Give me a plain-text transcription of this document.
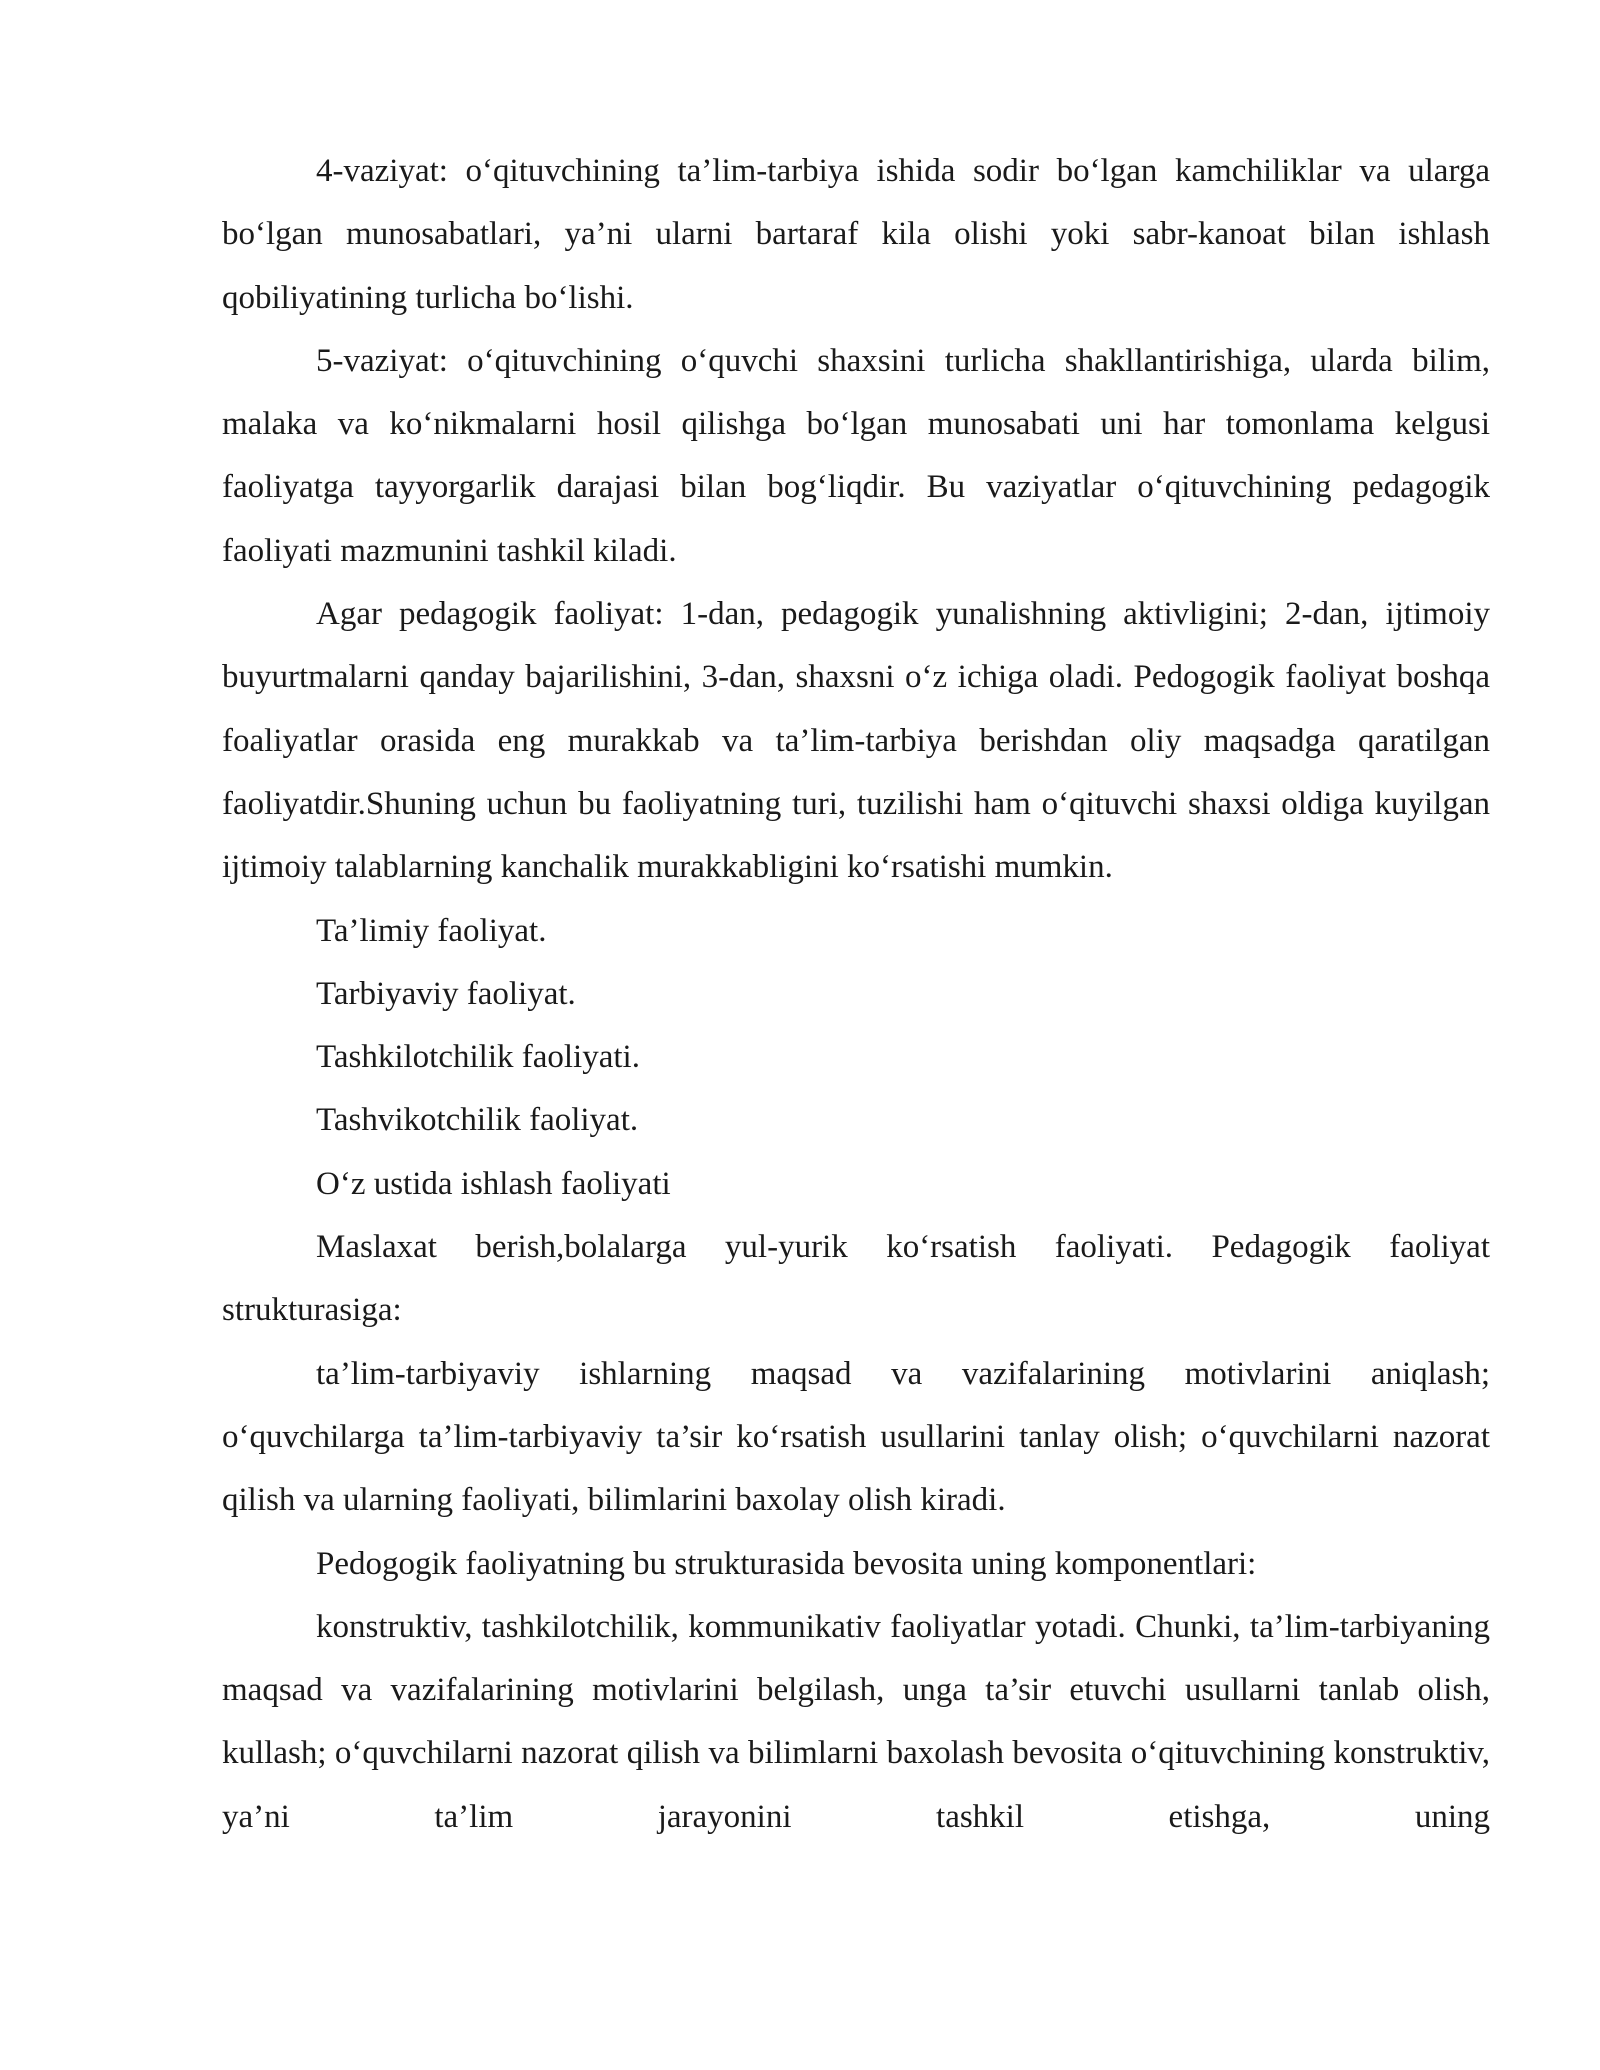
4-vaziyat: o‘qituvchining ta’lim-tarbiya ishida sodir bo‘lgan kamchiliklar va ularga bo‘lgan munosabatlari, ya’ni ularni bartaraf kila olishi yoki sabr-kanoat bilan ishlash qobiliyatining turlicha bo‘lishi.

5-vaziyat: o‘qituvchining o‘quvchi shaxsini turlicha shakllantirishiga, ularda bilim, malaka va ko‘nikmalarni hosil qilishga bo‘lgan munosabati uni har tomonlama kelgusi faoliyatga tayyorgarlik darajasi bilan bog‘liqdir. Bu vaziyatlar o‘qituvchining pedagogik faoliyati mazmunini tashkil kiladi.

Agar pedagogik faoliyat: 1-dan, pedagogik yunalishning aktivligini; 2-dan, ijtimoiy buyurtmalarni qanday bajarilishini, 3-dan, shaxsni o‘z ichiga oladi. Pedogogik faoliyat boshqa foaliyatlar orasida eng murakkab va ta’lim-tarbiya berishdan oliy maqsadga qaratilgan faoliyatdir.Shuning uchun bu faoliyatning turi, tuzilishi ham o‘qituvchi shaxsi oldiga kuyilgan ijtimoiy talablarning kanchalik murakkabligini ko‘rsatishi mumkin.

Ta’limiy faoliyat.

Tarbiyaviy faoliyat.

Tashkilotchilik faoliyati.

Tashvikotchilik faoliyat.

O‘z ustida ishlash faoliyati

Maslaxat berish,bolalarga yul-yurik ko‘rsatish faoliyati. Pedagogik faoliyat strukturasiga:

ta’lim-tarbiyaviy ishlarning maqsad va vazifalarining motivlarini aniqlash; o‘quvchilarga ta’lim-tarbiyaviy ta’sir ko‘rsatish usullarini tanlay olish; o‘quvchilarni nazorat qilish va ularning faoliyati, bilimlarini baxolay olish kiradi.

Pedogogik faoliyatning bu strukturasida bevosita uning komponentlari:

konstruktiv, tashkilotchilik, kommunikativ faoliyatlar yotadi. Chunki, ta’lim-tarbiyaning maqsad va vazifalarining motivlarini belgilash, unga ta’sir etuvchi usullarni tanlab olish, kullash; o‘quvchilarni nazorat qilish va bilimlarni baxolash bevosita o‘qituvchining konstruktiv, ya’ni ta’lim jarayonini tashkil etishga, uning
